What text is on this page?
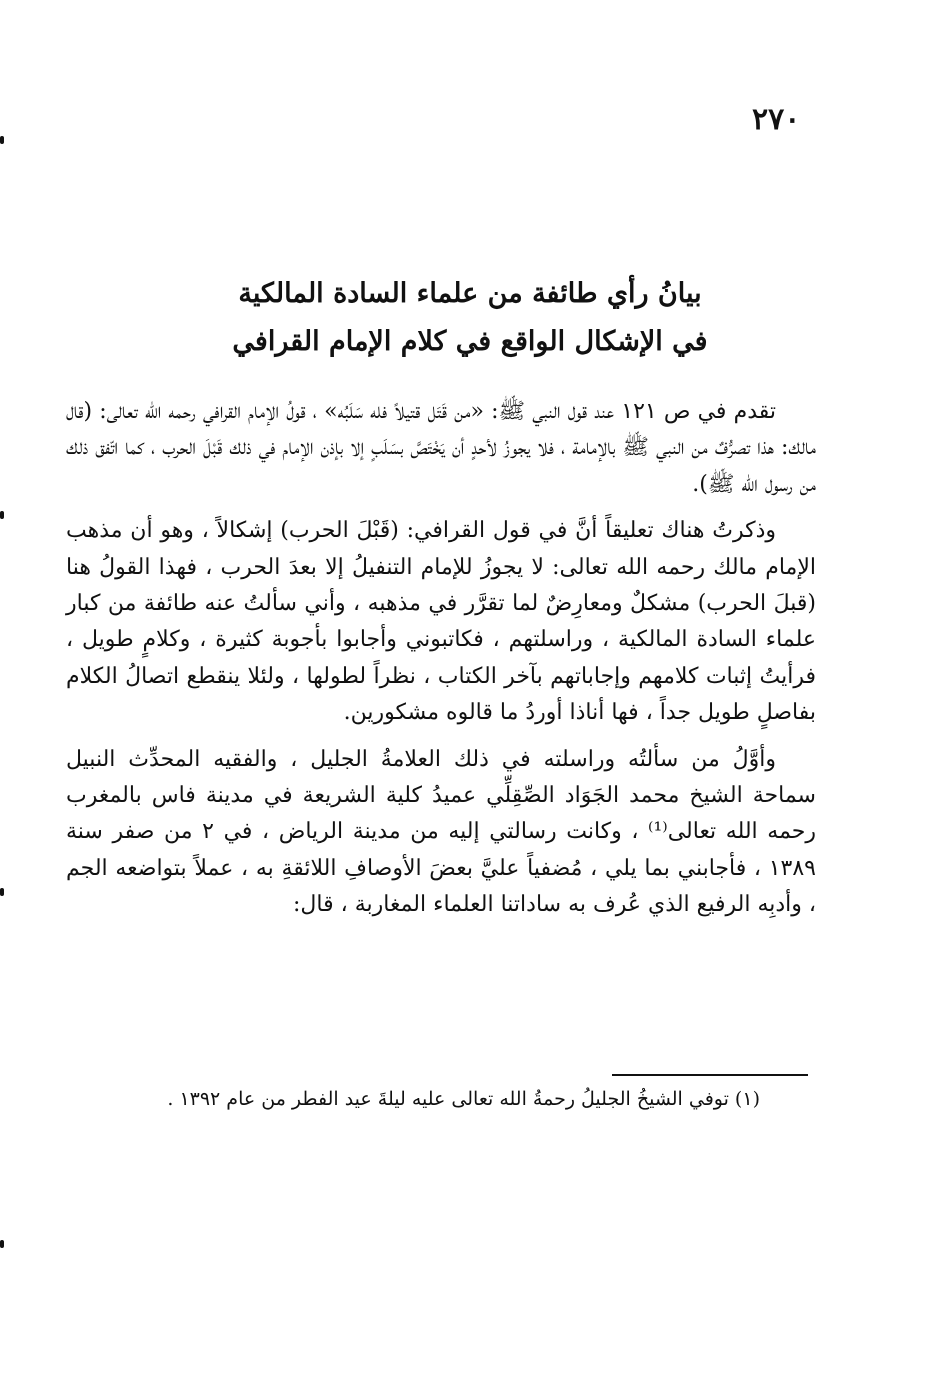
٢٧٠
بيانُ رأي طائفة من علماء السادة المالكية
في الإشكال الواقع في كلام الإمام القرافي

تقدم في ص ١٢١ عند قول النبي ﷺ: «من قَتَل قتيلاً فله سَلَبُه» ، قولُ الإمام القرافي رحمه الله تعالى: (قال مالك: هذا تصرُّفٌ من النبي ﷺ بالإمامة ، فلا يجوزُ لأحدٍ أن يَخْتَصَّ بسَلَبٍ إلا بإذن الإمام في ذلك قَبْلَ الحرب ، كما اتّفق ذلك من رسول الله ﷺ).

وذكرتُ هناك تعليقاً أنَّ في قول القرافي: (قَبْلَ الحرب) إشكالاً ، وهو أن مذهب الإمام مالك رحمه الله تعالى: لا يجوزُ للإمام التنفيلُ إلا بعدَ الحرب ، فهذا القولُ هنا (قبلَ الحرب) مشكلٌ ومعارِضٌ لما تقرَّر في مذهبه ، وأني سألتُ عنه طائفة من كبار علماء السادة المالكية ، وراسلتهم ، فكاتبوني وأجابوا بأجوبة كثيرة ، وكلامٍ طويل ، فرأيتُ إثبات كلامهم وإجاباتهم بآخر الكتاب ، نظراً لطولها ، ولئلا ينقطع اتصالُ الكلام بفاصلٍ طويل جداً ، فها أناذا أوردُ ما قالوه مشكورين.

وأوَّلُ من سألتُه وراسلته في ذلك العلامةُ الجليل ، والفقيه المحدِّث النبيل سماحة الشيخ محمد الجَوَاد الصِّقِلِّي عميدُ كلية الشريعة في مدينة فاس بالمغرب رحمه الله تعالى⁽¹⁾ ، وكانت رسالتي إليه من مدينة الرياض ، في ٢ من صفر سنة ١٣٨٩ ، فأجابني بما يلي ، مُضفياً عليَّ بعضَ الأوصافِ اللائقةِ به ، عملاً بتواضعه الجم ، وأدبِه الرفيع الذي عُرف به ساداتنا العلماء المغاربة ، قال:

(١) توفي الشيخُ الجليلُ رحمةُ الله تعالى عليه ليلةَ عيد الفطر من عام ١٣٩٢ .
